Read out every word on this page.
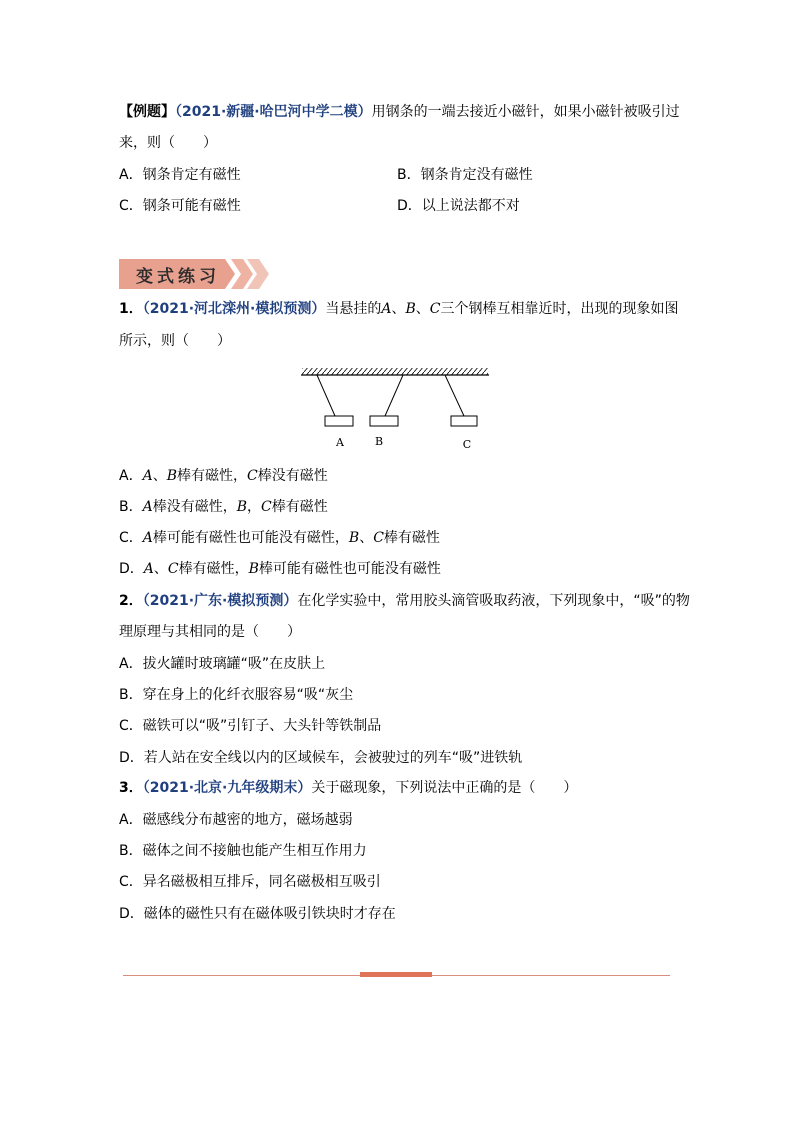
【例题】（2021·新疆·哈巴河中学二模）用钢条的一端去接近小磁针，如果小磁针被吸引过
来，则（　　）
A．钢条肯定有磁性	B．钢条肯定没有磁性
C．钢条可能有磁性	D．以上说法都不对
变式练习
1．（2021·河北滦州·模拟预测）当悬挂的A、B、C三个钢棒互相靠近时，出现的现象如图
所示，则（　　）
A	B	C
A．A、B棒有磁性，C棒没有磁性
B．A棒没有磁性，B，C棒有磁性
C．A棒可能有磁性也可能没有磁性，B、C棒有磁性
D．A、C棒有磁性，B棒可能有磁性也可能没有磁性
2．（2021·广东·模拟预测）在化学实验中，常用胶头滴管吸取药液，下列现象中，“吸”的物
理原理与其相同的是（　　）
A．拔火罐时玻璃罐“吸”在皮肤上
B．穿在身上的化纤衣服容易“吸“灰尘
C．磁铁可以“吸”引钉子、大头针等铁制品
D．若人站在安全线以内的区域候车，会被驶过的列车“吸”进铁轨
3．（2021·北京·九年级期末）关于磁现象，下列说法中正确的是（　　）
A．磁感线分布越密的地方，磁场越弱
B．磁体之间不接触也能产生相互作用力
C．异名磁极相互排斥，同名磁极相互吸引
D．磁体的磁性只有在磁体吸引铁块时才存在
